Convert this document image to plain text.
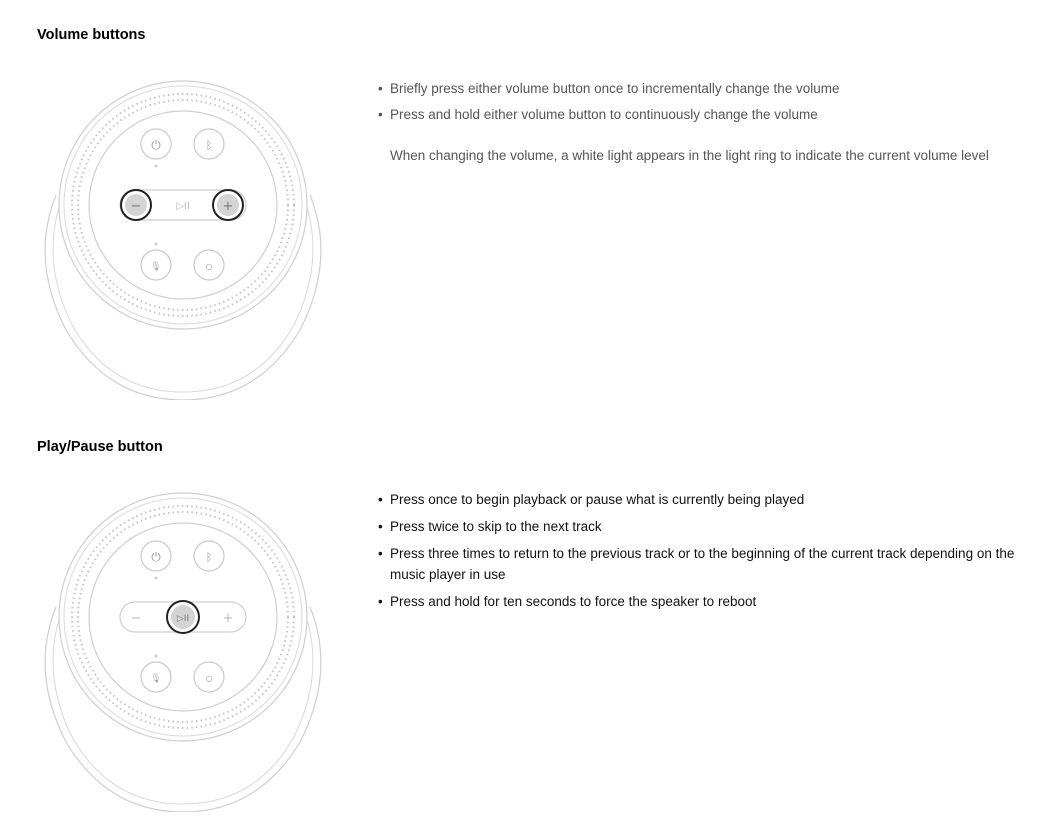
Volume buttons
⏻	ᛒ
−	▷II	+
🎙	○
• Briefly press either volume button once to incrementally change the volume
• Press and hold either volume button to continuously change the volume

When changing the volume, a white light appears in the light ring to indicate the current volume level

Play/Pause button
⏻	ᛒ
−	▷II	+
🎙	○
• Press once to begin playback or pause what is currently being played
• Press twice to skip to the next track
• Press three times to return to the previous track or to the beginning of the current track depending on the music player in use
• Press and hold for ten seconds to force the speaker to reboot
